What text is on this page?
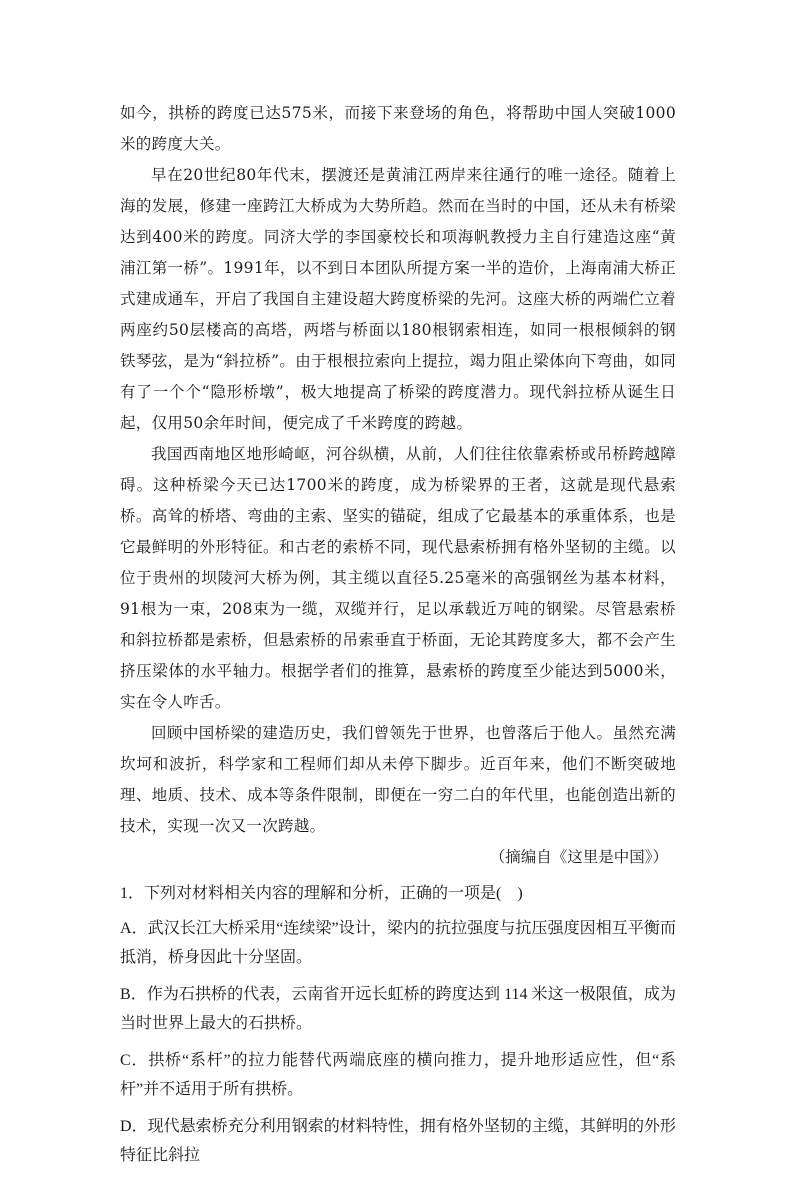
如今，拱桥的跨度已达575米，而接下来登场的角色，将帮助中国人突破1000米的跨度大关。

早在20世纪80年代末，摆渡还是黄浦江两岸来往通行的唯一途径。随着上海的发展，修建一座跨江大桥成为大势所趋。然而在当时的中国，还从未有桥梁达到400米的跨度。同济大学的李国豪校长和项海帆教授力主自行建造这座“黄浦江第一桥”。1991年，以不到日本团队所提方案一半的造价，上海南浦大桥正式建成通车，开启了我国自主建设超大跨度桥梁的先河。这座大桥的两端伫立着两座约50层楼高的高塔，两塔与桥面以180根钢索相连，如同一根根倾斜的钢铁琴弦，是为“斜拉桥”。由于根根拉索向上提拉，竭力阻止梁体向下弯曲，如同有了一个个“隐形桥墩”，极大地提高了桥梁的跨度潜力。现代斜拉桥从诞生日起，仅用50余年时间，便完成了千米跨度的跨越。

我国西南地区地形崎岖，河谷纵横，从前，人们往往依靠索桥或吊桥跨越障碍。这种桥梁今天已达1700米的跨度，成为桥梁界的王者，这就是现代悬索桥。高耸的桥塔、弯曲的主索、坚实的锚碇，组成了它最基本的承重体系，也是它最鲜明的外形特征。和古老的索桥不同，现代悬索桥拥有格外坚韧的主缆。以位于贵州的坝陵河大桥为例，其主缆以直径5.25毫米的高强钢丝为基本材料，91根为一束，208束为一缆，双缆并行，足以承载近万吨的钢梁。尽管悬索桥和斜拉桥都是索桥，但悬索桥的吊索垂直于桥面，无论其跨度多大，都不会产生挤压梁体的水平轴力。根据学者们的推算，悬索桥的跨度至少能达到5000米，实在令人咋舌。

回顾中国桥梁的建造历史，我们曾领先于世界，也曾落后于他人。虽然充满坎坷和波折，科学家和工程师们却从未停下脚步。近百年来，他们不断突破地理、地质、技术、成本等条件限制，即便在一穷二白的年代里，也能创造出新的技术，实现一次又一次跨越。

（摘编自《这里是中国》）

1．下列对材料相关内容的理解和分析，正确的一项是(　)

A．武汉长江大桥采用“连续梁”设计，梁内的抗拉强度与抗压强度因相互平衡而抵消，桥身因此十分坚固。

B．作为石拱桥的代表，云南省开远长虹桥的跨度达到 114 米这一极限值，成为当时世界上最大的石拱桥。

C．拱桥“系杆”的拉力能替代两端底座的横向推力，提升地形适应性，但“系杆”并不适用于所有拱桥。

D．现代悬索桥充分利用钢索的材料特性，拥有格外坚韧的主缆，其鲜明的外形特征比斜拉
